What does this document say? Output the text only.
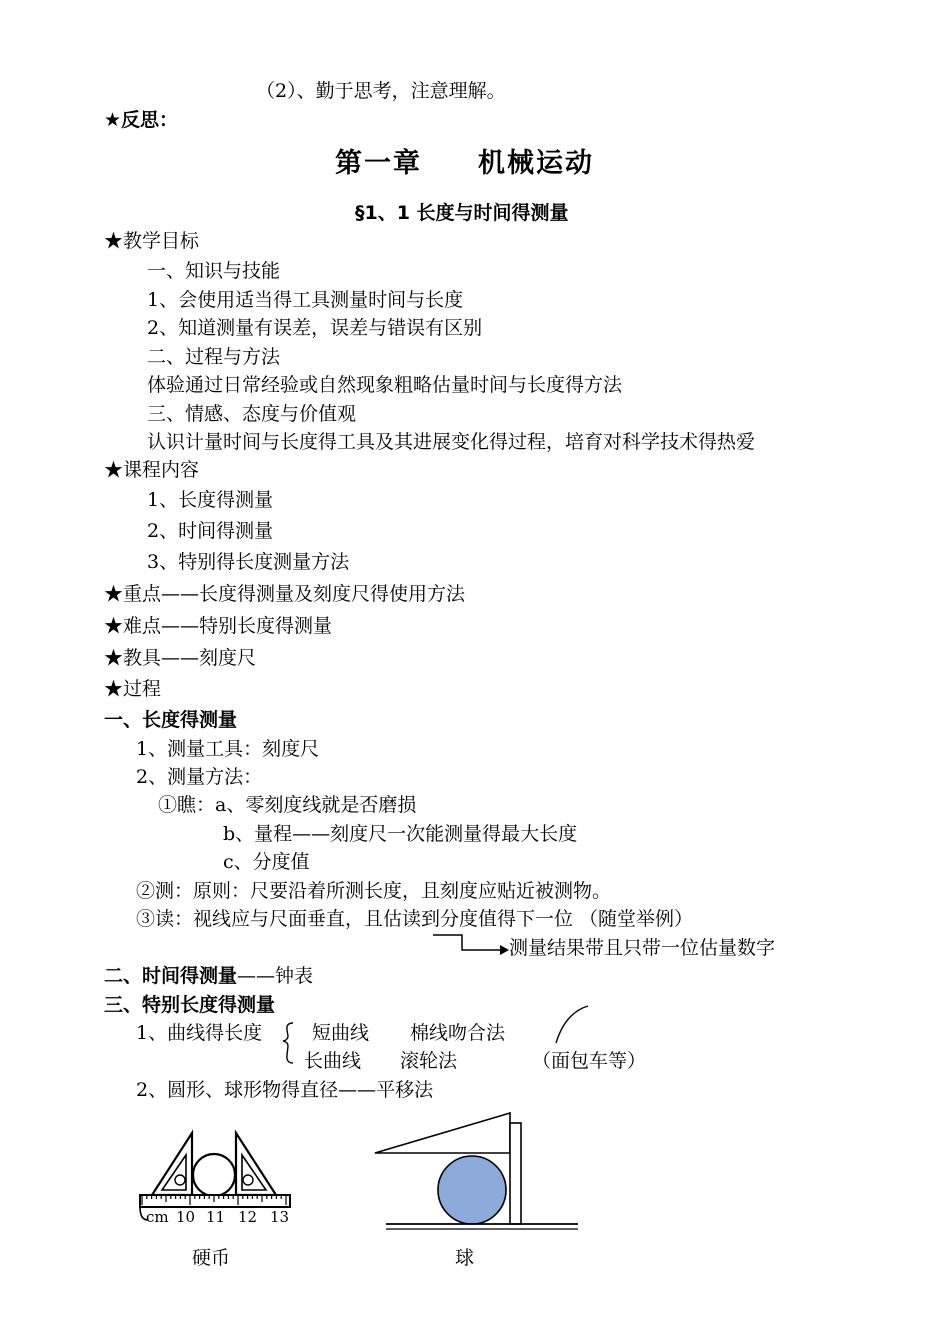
（2）、勤于思考，注意理解。
★反思：
第一章 机械运动
§1、1 长度与时间得测量
★教学目标
一、知识与技能
1、会使用适当得工具测量时间与长度
2、知道测量有误差，误差与错误有区别
二、过程与方法
体验通过日常经验或自然现象粗略估量时间与长度得方法
三、情感、态度与价值观
认识计量时间与长度得工具及其进展变化得过程，培育对科学技术得热爱
★课程内容
1、长度得测量
2、时间得测量
3、特别得长度测量方法
★重点——长度得测量及刻度尺得使用方法
★难点——特别长度得测量
★教具——刻度尺
★过程
一、长度得测量
1、测量工具：刻度尺
2、测量方法：
①瞧：a、零刻度线就是否磨损
b、量程——刻度尺一次能测量得最大长度
c、分度值
②测：原则：尺要沿着所测长度，且刻度应贴近被测物。
③读：视线应与尺面垂直，且估读到分度值得下一位 （随堂举例）
测量结果带且只带一位估量数字
二、时间得测量——钟表
三、特别长度得测量
1、曲线得长度	短曲线 棉线吻合法
长曲线 滚轮法	（面包车等）
2、圆形、球形物得直径——平移法
cm 10 11 12 13
硬币	球
